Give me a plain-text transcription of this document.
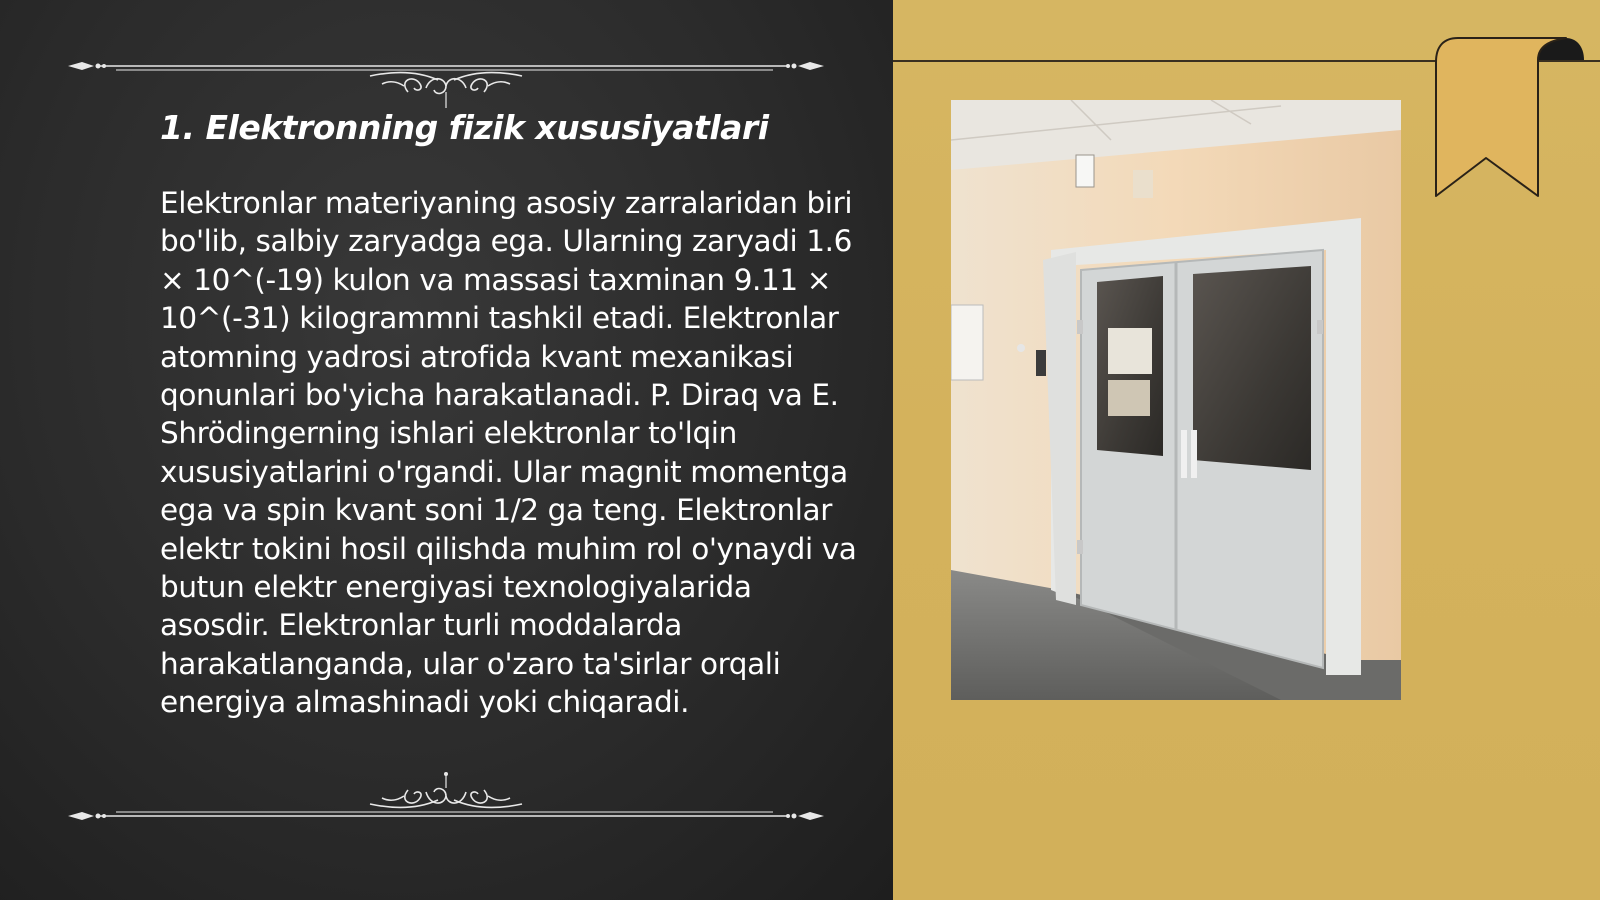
1. Elektronning fizik xususiyatlari

Elektronlar materiyaning asosiy zarralaridan biri bo'lib, salbiy zaryadga ega. Ularning zaryadi 1.6 × 10^(-19) kulon va massasi taxminan 9.11 × 10^(-31) kilogrammni tashkil etadi. Elektronlar atomning yadrosi atrofida kvant mexanikasi qonunlari bo'yicha harakatlanadi. P. Diraq va E. Shrödingerning ishlari elektronlar to'lqin xususiyatlarini o'rgandi. Ular magnit momentga ega va spin kvant soni 1/2 ga teng. Elektronlar elektr tokini hosil qilishda muhim rol o'ynaydi va butun elektr energiyasi texnologiyalarida asosdir. Elektronlar turli moddalarda harakatlanganda, ular o'zaro ta'sirlar orqali energiya almashinadi yoki chiqaradi.
